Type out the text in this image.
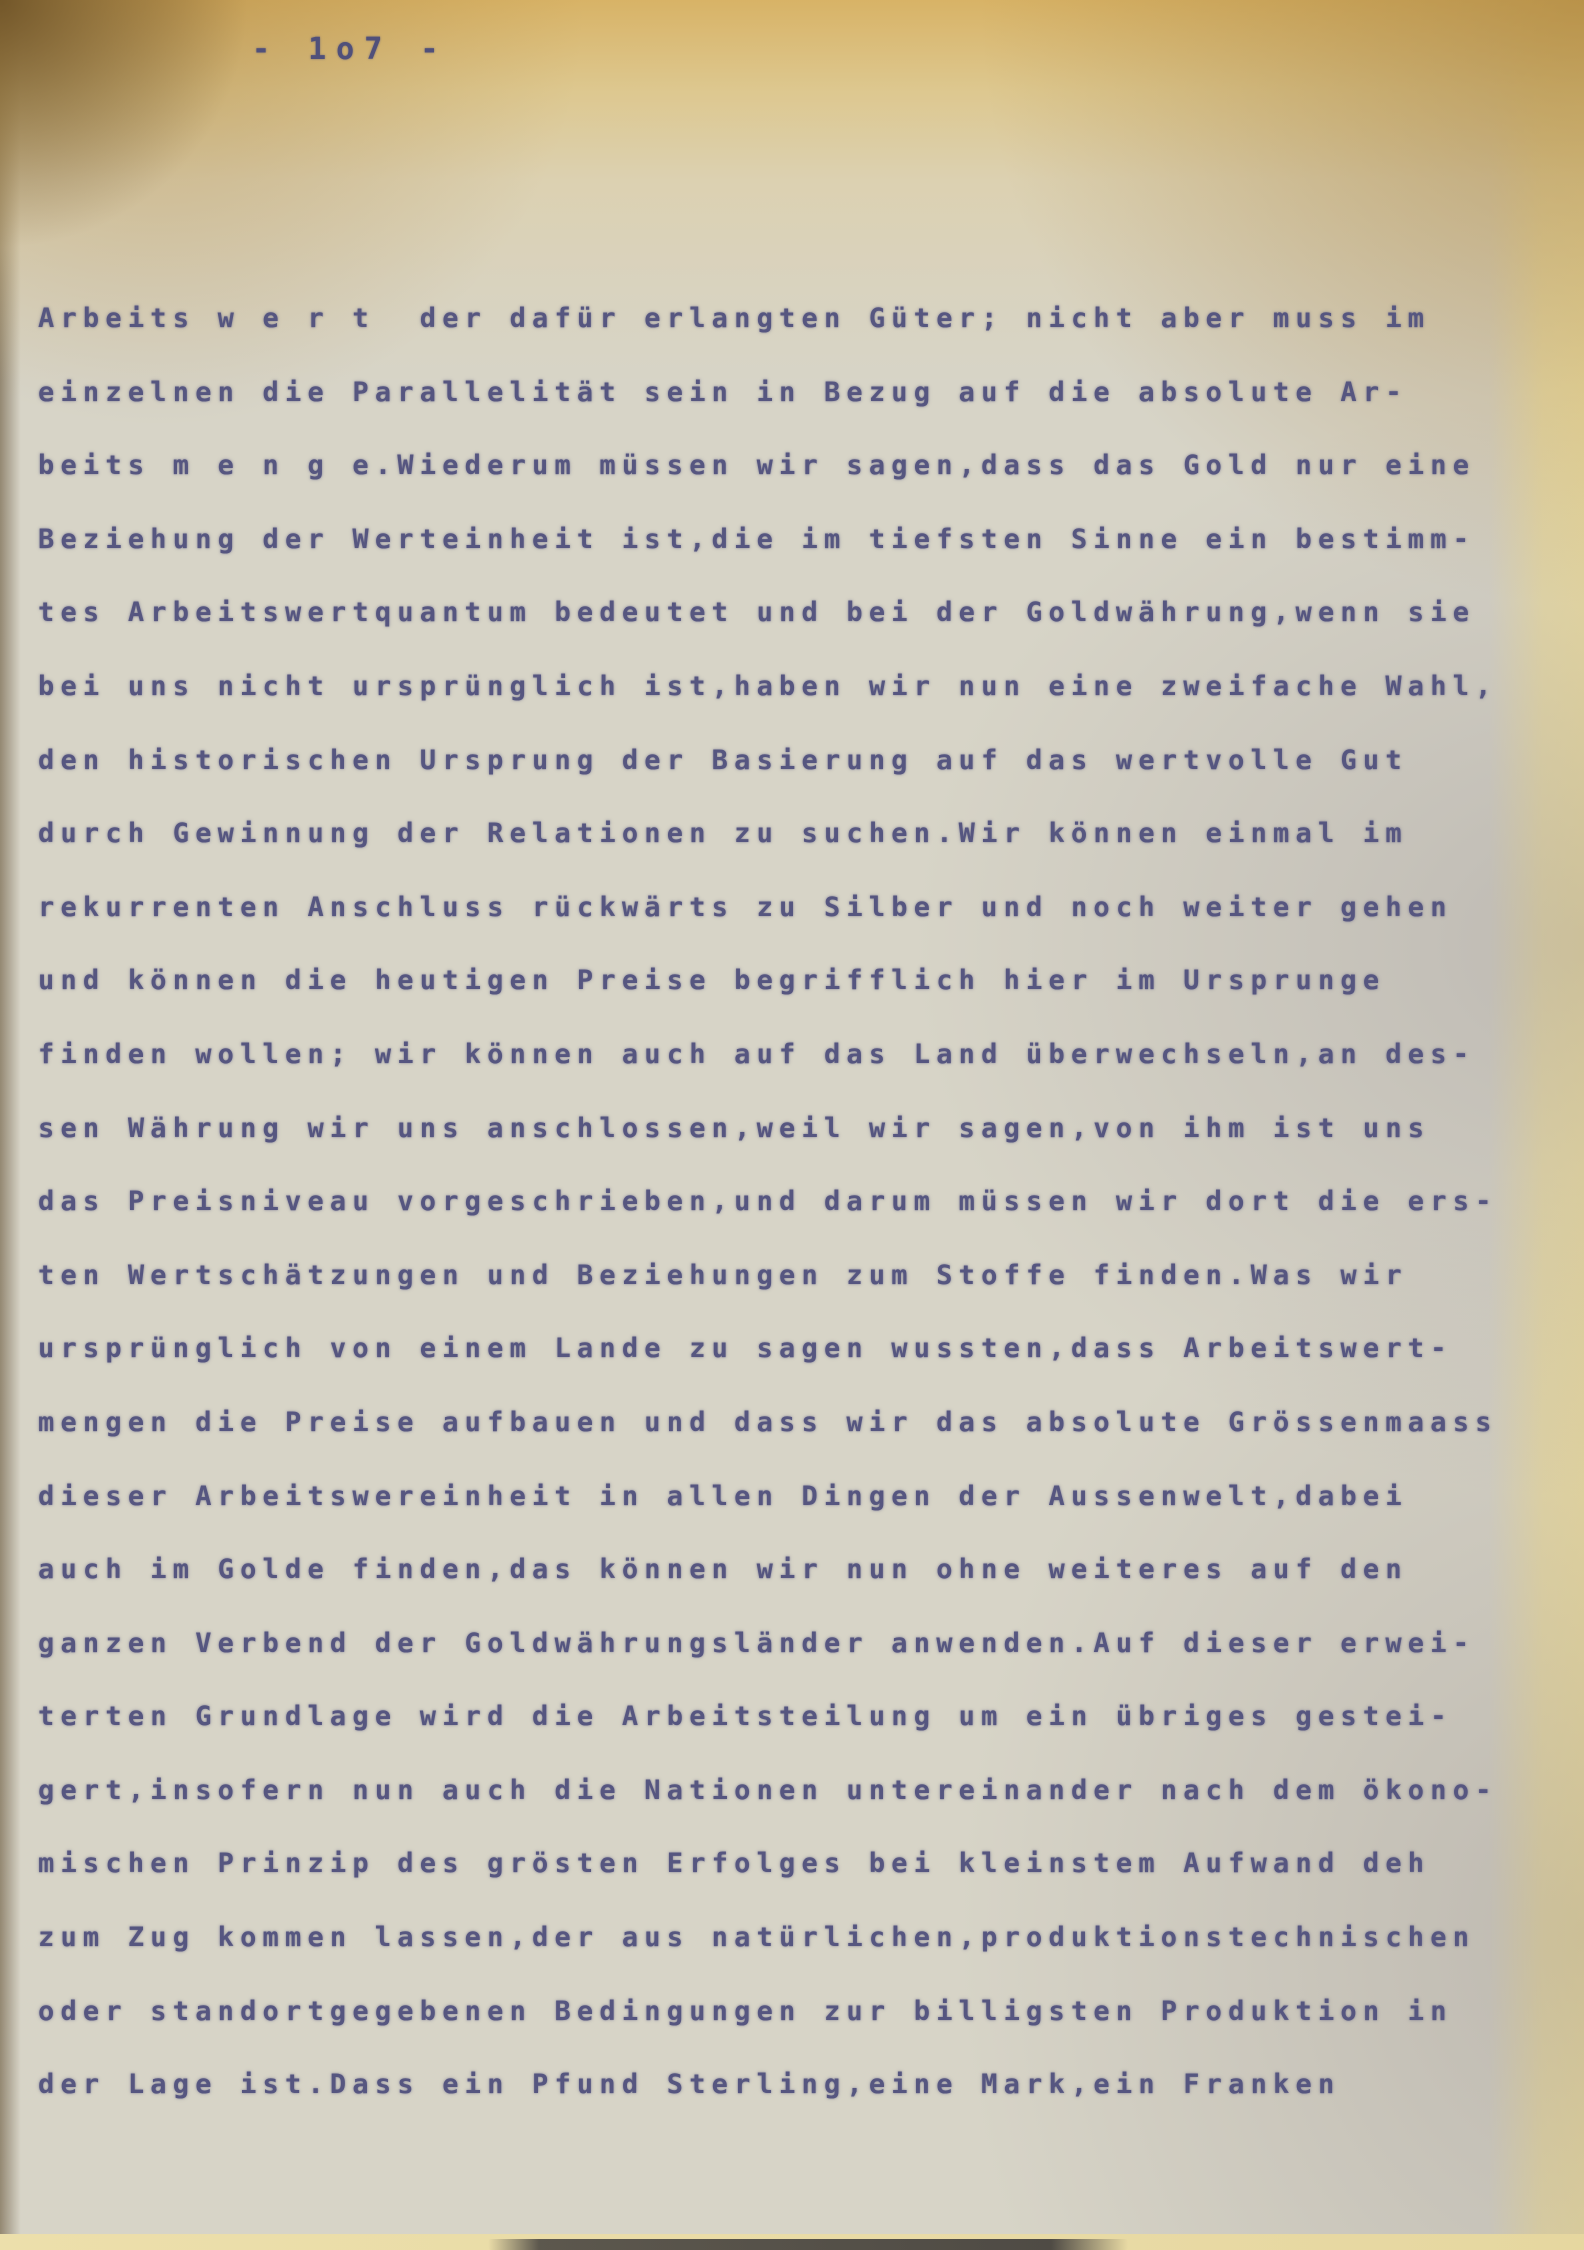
- 1o7 -
Arbeits w e r t  der dafür erlangten Güter; nicht aber muss im
einzelnen die Parallelität sein in Bezug auf die absolute Ar-
beits m e n g e.Wiederum müssen wir sagen,dass das Gold nur eine
Beziehung der Werteinheit ist,die im tiefsten Sinne ein bestimm-
tes Arbeitswertquantum bedeutet und bei der Goldwährung,wenn sie
bei uns nicht ursprünglich ist,haben wir nun eine zweifache Wahl,
den historischen Ursprung der Basierung auf das wertvolle Gut
durch Gewinnung der Relationen zu suchen.Wir können einmal im
rekurrenten Anschluss rückwärts zu Silber und noch weiter gehen
und können die heutigen Preise begrifflich hier im Ursprunge
finden wollen; wir können auch auf das Land überwechseln,an des-
sen Währung wir uns anschlossen,weil wir sagen,von ihm ist uns
das Preisniveau vorgeschrieben,und darum müssen wir dort die ers-
ten Wertschätzungen und Beziehungen zum Stoffe finden.Was wir
ursprünglich von einem Lande zu sagen wussten,dass Arbeitswert-
mengen die Preise aufbauen und dass wir das absolute Grössenmaass
dieser Arbeitswereinheit in allen Dingen der Aussenwelt,dabei
auch im Golde finden,das können wir nun ohne weiteres auf den
ganzen Verbend der Goldwährungsländer anwenden.Auf dieser erwei-
terten Grundlage wird die Arbeitsteilung um ein übriges gestei-
gert,insofern nun auch die Nationen untereinander nach dem ökono-
mischen Prinzip des grösten Erfolges bei kleinstem Aufwand deh
zum Zug kommen lassen,der aus natürlichen,produktionstechnischen
oder standortgegebenen Bedingungen zur billigsten Produktion in
der Lage ist.Dass ein Pfund Sterling,eine Mark,ein Franken
